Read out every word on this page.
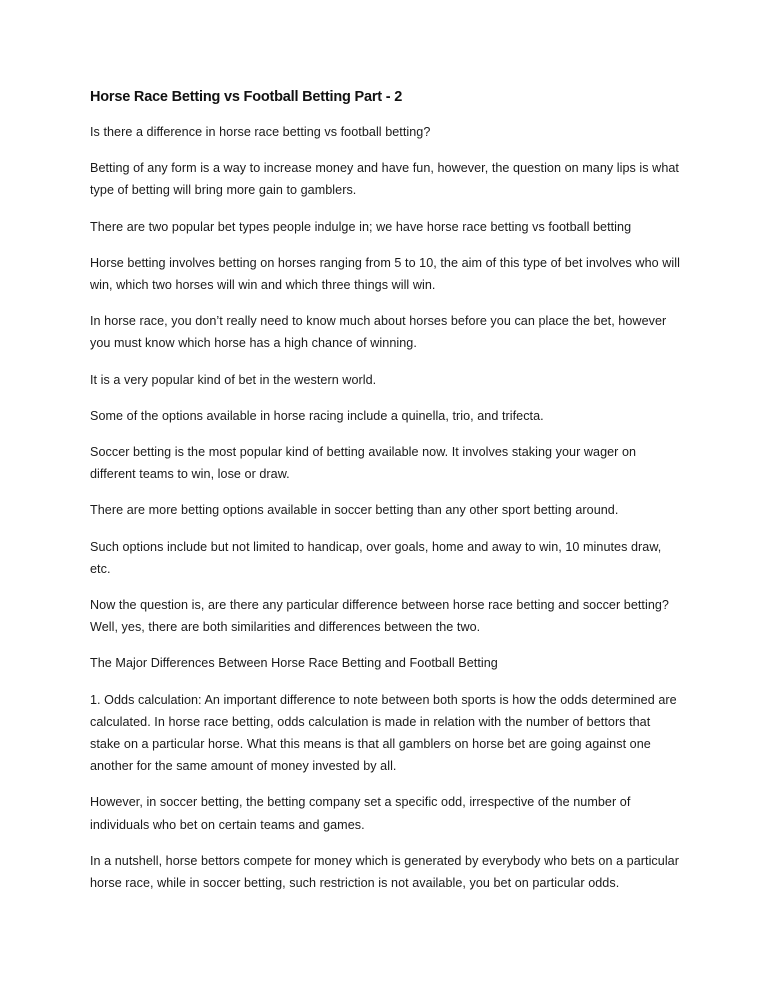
Horse Race Betting vs Football Betting Part - 2

Is there a difference in horse race betting vs football betting?

Betting of any form is a way to increase money and have fun, however, the question on many lips is what type of betting will bring more gain to gamblers.

There are two popular bet types people indulge in; we have horse race betting vs football betting

Horse betting involves betting on horses ranging from 5 to 10, the aim of this type of bet involves who will win, which two horses will win and which three things will win.

In horse race, you don’t really need to know much about horses before you can place the bet, however you must know which horse has a high chance of winning.

It is a very popular kind of bet in the western world.

Some of the options available in horse racing include a quinella, trio, and trifecta.

Soccer betting is the most popular kind of betting available now. It involves staking your wager on different teams to win, lose or draw.

There are more betting options available in soccer betting than any other sport betting around.

Such options include but not limited to handicap, over goals, home and away to win, 10 minutes draw, etc.

Now the question is, are there any particular difference between horse race betting and soccer betting? Well, yes, there are both similarities and differences between the two.

The Major Differences Between Horse Race Betting and Football Betting

1. Odds calculation: An important difference to note between both sports is how the odds determined are calculated. In horse race betting, odds calculation is made in relation with the number of bettors that stake on a particular horse. What this means is that all gamblers on horse bet are going against one another for the same amount of money invested by all.

However, in soccer betting, the betting company set a specific odd, irrespective of the number of individuals who bet on certain teams and games.

In a nutshell, horse bettors compete for money which is generated by everybody who bets on a particular horse race, while in soccer betting, such restriction is not available, you bet on particular odds.
